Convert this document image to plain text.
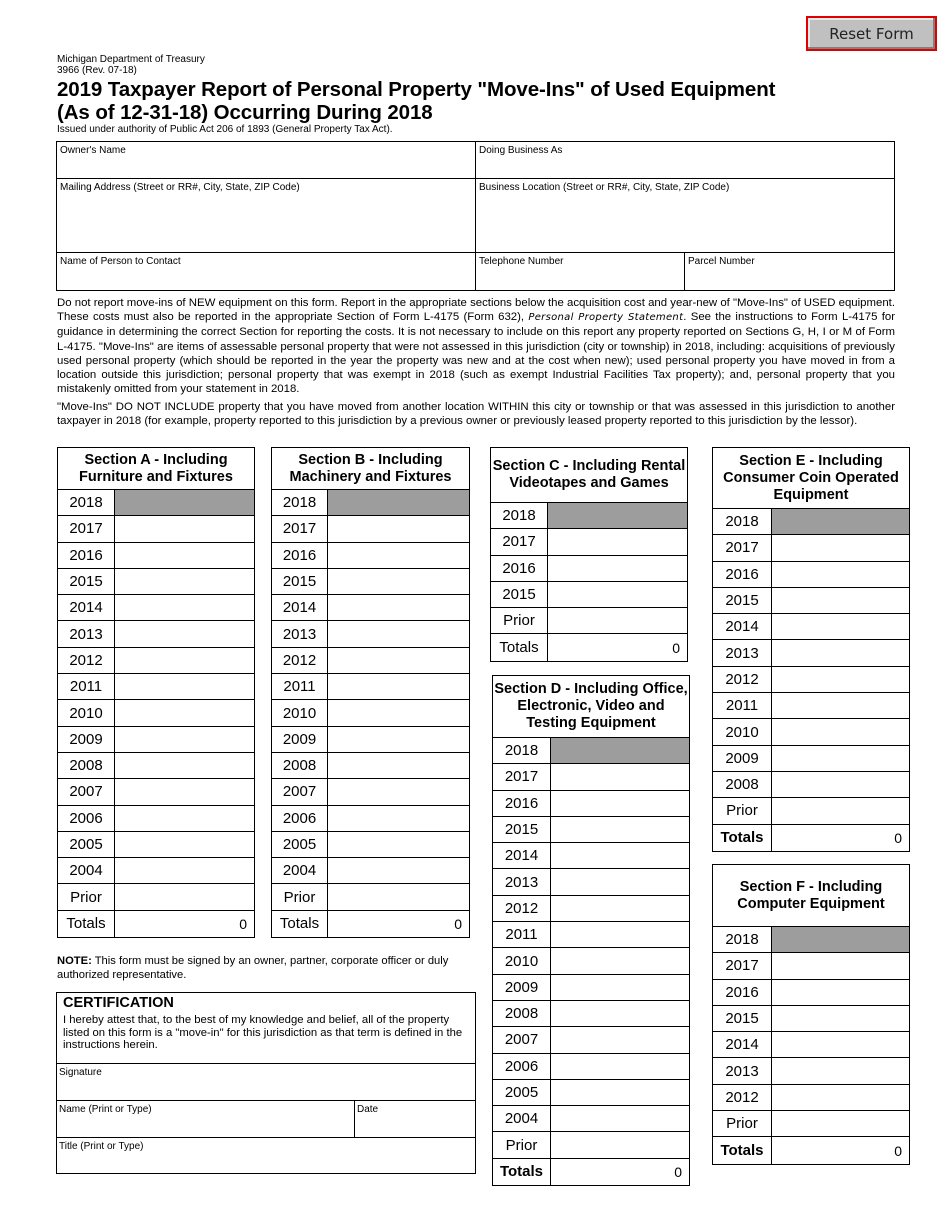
Reset Form
Michigan Department of Treasury
3966 (Rev. 07-18)
2019 Taxpayer Report of Personal Property "Move-Ins" of Used Equipment
(As of 12-31-18) Occurring During 2018
Issued under authority of Public Act 206 of 1893 (General Property Tax Act).
Owner's Name	Doing Business As
Mailing Address (Street or RR#, City, State, ZIP Code)	Business Location (Street or RR#, City, State, ZIP Code)
Name of Person to Contact	Telephone Number	Parcel Number
Do not report move-ins of NEW equipment on this form. Report in the appropriate sections below the acquisition cost and year-new of "Move-Ins" of USED equipment. These costs must also be reported in the appropriate Section of Form L-4175 (Form 632), Personal Property Statement. See the instructions to Form L-4175 for guidance in determining the correct Section for reporting the costs. It is not necessary to include on this report any property reported on Sections G, H, I or M of Form L-4175. "Move-Ins" are items of assessable personal property that were not assessed in this jurisdiction (city or township) in 2018, including: acquisitions of previously used personal property (which should be reported in the year the property was new and at the cost when new); used personal property you have moved in from a location outside this jurisdiction; personal property that was exempt in 2018 (such as exempt Industrial Facilities Tax property); and, personal property that you mistakenly omitted from your statement in 2018.
"Move-Ins" DO NOT INCLUDE property that you have moved from another location WITHIN this city or township or that was assessed in this jurisdiction to another taxpayer in 2018 (for example, property reported to this jurisdiction by a previous owner or previously leased property reported to this jurisdiction by the lessor).
Section A - Including Furniture and Fixtures
2018
2017
2016
2015
2014
2013
2012
2011
2010
2009
2008
2007
2006
2005
2004
Prior
Totals	0
Section B - Including Machinery and Fixtures
2018
2017
2016
2015
2014
2013
2012
2011
2010
2009
2008
2007
2006
2005
2004
Prior
Totals	0
Section C - Including Rental Videotapes and Games
2018
2017
2016
2015
Prior
Totals	0
Section D - Including Office, Electronic, Video and Testing Equipment
2018
2017
2016
2015
2014
2013
2012
2011
2010
2009
2008
2007
2006
2005
2004
Prior
Totals	0
Section E - Including Consumer Coin Operated Equipment
2018
2017
2016
2015
2014
2013
2012
2011
2010
2009
2008
Prior
Totals	0
Section F - Including Computer Equipment
2018
2017
2016
2015
2014
2013
2012
Prior
Totals	0
NOTE: This form must be signed by an owner, partner, corporate officer or duly authorized representative.
CERTIFICATION
I hereby attest that, to the best of my knowledge and belief, all of the property listed on this form is a "move-in" for this jurisdiction as that term is defined in the instructions herein.
Signature
Name (Print or Type)	Date
Title (Print or Type)
